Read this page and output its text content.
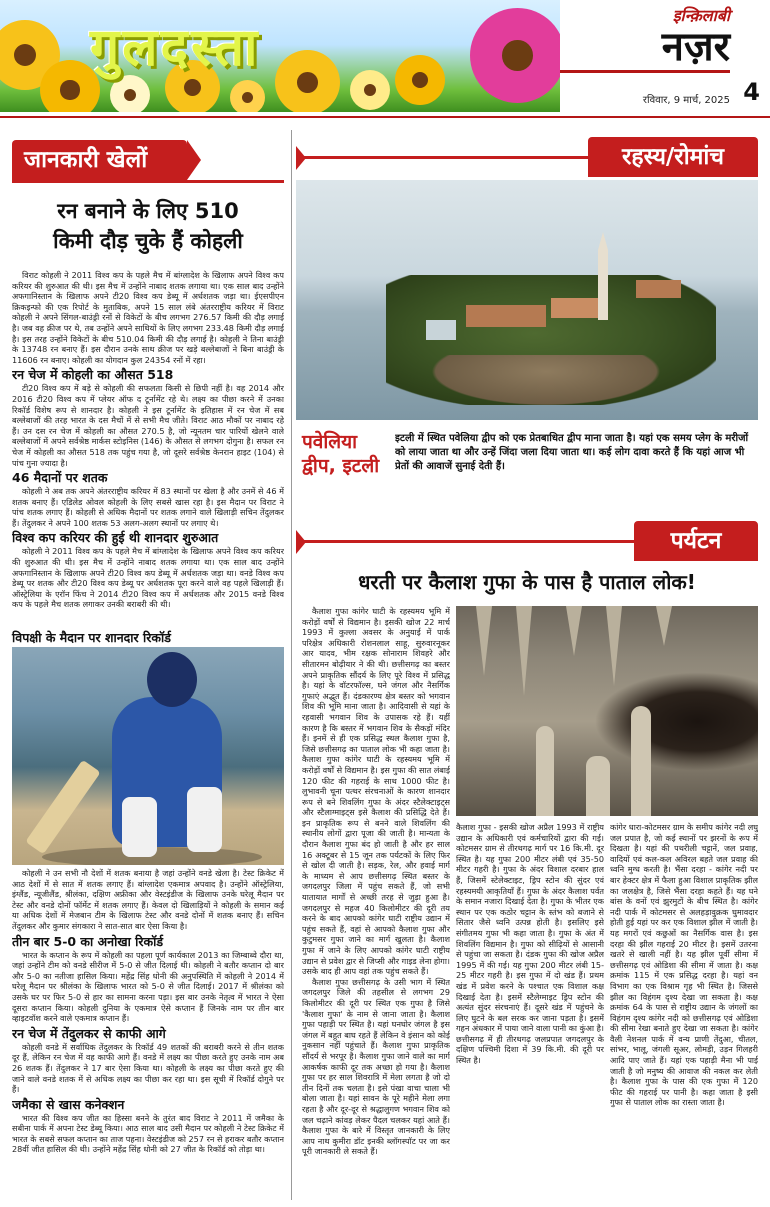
गुलदस्ता
इन्क़िलाबी
नज़र
रविवार, 9 मार्च, 2025 4
जानकारी खेलों की रन बनाने के लिए 510
किमी दौड़ चुके हैं कोहली

विराट कोहली ने 2011 विश्व कप के पहले मैच में बांग्लादेश के खिलाफ अपने विश्व कप करियर की शुरुआत की थी। इस मैच में उन्होंने नाबाद शतक लगाया था। एक साल बाद उन्होंने अफगानिस्तान के खिलाफ अपने टी20 विश्व कप डेब्यू में अर्धशतक जड़ा था। ईएसपीएन क्रिकइन्फो की एक रिपोर्ट के मुताबिक, अपने 15 साल लंबे अंतरराष्ट्रीय करियर में विराट कोहली ने अपने सिंगल-बाउंड्री रनों से विकेटों के बीच लगभग 276.57 किमी की दौड़ लगाई है। जब वह क्रीज पर थे, तब उन्होंने अपने साथियों के लिए लगभग 233.48 किमी दौड़ लगाई है। इस तरह उन्होंने विकेटों के बीच 510.04 किमी की दौड़ लगाई है। कोहली ने तिना बाउंड्री के 13748 रन बनाए हैं। इस दौरान उनके साथ क्रीज पर खड़े बल्लेबाजों ने बिना बाउंड्री के 11606 रन बनाए। कोहली का योगदान कुल 24354 रनों में रहा।

रन चेज में कोहली का औसत 518

टी20 विश्व कप में बड़े से कोहली की सफलता किसी से छिपी नहीं है। वह 2014 और 2016 टी20 विश्व कप में प्लेयर ऑफ द टूर्नामेंट रहे थे। लक्ष्य का पीछा करने में उनका रिकॉर्ड विशेष रूप से शानदार है। कोहली ने इस टूर्नामेंट के इतिहास में रन चेज में सब बल्लेबाजों की तरह भारत के दस मैचों में से सभी मैच जीते। विराट आठ मौकों पर नाबाद रहे हैं। उन दस रन चेज में कोहली का औसत 270.5 है, जो न्यूनतम चार पारियों खेलने वाले बल्लेबाजों में अपने सर्वश्रेष्ठ मार्कस स्टोइनिस (146) के औसत से लगभग दोगुना है। सफल रन चेज में कोहली का औसत 518 तक पहुंच गया है, जो दूसरे सर्वश्रेष्ठ केनरान हाइट (104) से पांच गुना ज्यादा है।

46 मैदानों पर शतक

कोहली ने अब तक अपने अंतरराष्ट्रीय करियर में 83 स्थानों पर खेला है और उनमें से 46 में शतक बनाए हैं। एडिलेड ओवल कोहली के लिए सबसे खास रहा है। इस मैदान पर विराट ने पांच शतक लगाए हैं। कोहली से अधिक मैदानों पर शतक लगाने वाले खिलाड़ी सचिन तेंदुलकर हैं। तेंदुलकर ने अपने 100 शतक 53 अलग-अलग स्थानों पर लगाए थे।

विश्व कप करियर की हुई थी शानदार शुरुआत

कोहली ने 2011 विश्व कप के पहले मैच में बांग्लादेश के खिलाफ अपने विश्व कप करियर की शुरुआत की थी। इस मैच में उन्होंने नाबाद शतक लगाया था। एक साल बाद उन्होंने अफगानिस्तान के खिलाफ अपने टी20 विश्व कप डेब्यू में अर्धशतक जड़ा था। वनडे विश्व कप डेब्यू पर शतक और टी20 विश्व कप डेब्यू पर अर्धशतक पूरा करने वाले वह पहले खिलाड़ी हैं। ऑस्ट्रेलिया के एरॉन फिंच ने 2014 टी20 विश्व कप में अर्धशतक और 2015 वनडे विश्व कप के पहले मैच शतक लगाकर उनकी बराबरी की थी।

विपक्षी के मैदान पर शानदार रिकॉर्ड

कोहली ने उन सभी नौ देशों में शतक बनाया है जहां उन्होंने वनडे खेला है। टेस्ट क्रिकेट में आठ देशों में से सात में शतक लगाए हैं। बांग्लादेश एकमात्र अपवाद है। उन्होंने ऑस्ट्रेलिया, इंग्लैंड, न्यूजीलैंड, श्रीलंका, दक्षिण अफ्रीका और वेस्टइंडीज के खिलाफ उनके घरेलू मैदान पर टेस्ट और वनडे दोनों फॉर्मेट में शतक लगाए हैं। केवल दो खिलाड़ियों ने कोहली के समान कई या अधिक देशों में मेजबान टीम के खिलाफ टेस्ट और वनडे दोनों में शतक बनाए हैं। सचिन तेंदुलकर और कुमार संगकारा ने सात-सात बार ऐसा किया है।

तीन बार 5-0 का अनोखा रिकॉर्ड

भारत के कप्तान के रूप में कोहली का पहला पूर्ण कार्यकाल 2013 का जिम्बाब्वे दौरा था, जहां उन्होंने टीम को वनडे सीरीज में 5-0 से जीत दिलाई थी। कोहली ने बतौर कप्तान दो बार और 5-0 का नतीजा हासिल किया। महेंद्र सिंह धोनी की अनुपस्थिति में कोहली ने 2014 में घरेलू मैदान पर श्रीलंका के खिलाफ भारत को 5-0 से जीत दिलाई। 2017 में श्रीलंका को उसके घर पर फिर 5-0 से हार का सामना करना पड़ा। इस बार उनके नेतृत्व में भारत ने ऐसा दूसरा कप्तान किया। कोहली दुनिया के एकमात्र ऐसे कप्तान हैं जिनके नाम पर तीन बार व्हाइटवॉश करने वाले एकमात्र कप्तान हैं।

रन चेज में तेंदुलकर से काफी आगे

कोहली वनडे में सर्वाधिक तेंदुलकर के रिकॉर्ड 49 शतकों की बराबरी करने से तीन शतक दूर हैं, लेकिन रन चेज में वह काफी आगे हैं। वनडे में लक्ष्य का पीछा करते हुए उनके नाम अब 26 शतक हैं। तेंदुलकर ने 17 बार ऐसा किया था। कोहली के लक्ष्य का पीछा करते हुए की जाने वाले वनडे शतक में से अधिक लक्ष्य का पीछा कर रहा था। इस सूची में रिकॉर्ड दोगुने पर हैं।

जमैका से खास कनेक्शन

भारत की विश्व कप जीत का हिस्सा बनने के तुरंत बाद विराट ने 2011 में जमैका के सबीना पार्क में अपना टेस्ट डेब्यू किया। आठ साल बाद उसी मैदान पर कोहली ने टेस्ट क्रिकेट में भारत के सबसे सफल कप्तान का ताज पहना। वेस्टइंडीज को 257 रन से हराकर बतौर कप्तान 28वीं जीत हासिल की थी। उन्होंने महेंद्र सिंह धोनी को 27 जीत के रिकॉर्ड को तोड़ा था।

रहस्य/रोमांच
पवेलिया
द्वीप, इटली
इटली में स्थित पवेलिया द्वीप को एक प्रेतबाधित द्वीप माना जाता है। यहां एक समय प्लेग के मरीजों को लाया जाता था और उन्हें जिंदा जला दिया जाता था। कई लोग दावा करते हैं कि यहां आज भी प्रेतों की आवाजें सुनाई देती हैं।
पर्यटन
धरती पर कैलाश गुफा के पास है पाताल लोक!

कैलाश गुफा कांगेर घाटी के रहस्यमय भूमि में करोड़ों वर्षों से विद्यमान है। इसकी खोज 22 मार्च 1993 में कुल्ला अवसर के अनुयाई में पार्क परिक्षेत्र अधिकारी रोशनलाल साहू, सुरुवारनूकर आर यादव, भीम रक्षक सोनाराम शिवहरे और सीतारमन बोढ़ीयार ने की थी। छत्तीसगढ़ का बस्तर अपने प्राकृतिक सौंदर्य के लिए पूरे विश्व में प्रसिद्ध है। यहां के वॉटरफॉल्स, घने जंगल और नैसर्गिक गुफाएं अद्भुत हैं। दंडकारण्य क्षेत्र बस्तर को भगवान शिव की भूमि माना जाता है। आदिवासी से यहां के रहवासी भगवान शिव के उपासक रहे हैं। यहीं कारण है कि बस्तर में भगवान शिव के सैकड़ों मंदिर हैं। इनमें से ही एक प्रसिद्ध स्थल कैलाश गुफा है, जिसे छत्तीसगढ़ का पाताल लोक भी कहा जाता है। कैलाश गुफा कांगेर घाटी के रहस्यमय भूमि में करोड़ों वर्षों से विद्यमान है। इस गुफा की सात लंबाई 120 फीट की गहराई के साथ 1000 फीट है। लुभावनी चूना पत्थर संरचनाओं के कारण शानदार रूप से बने शिवलिंग गुफा के अंदर स्टैलेक्टाइट्स और स्टैलाग्माइट्स इसे कैलाश की प्रसिद्धि देते हैं। इन प्राकृतिक रूप से बनने वाले शिवलिंग की स्थानीय लोगों द्वारा पूजा की जाती है। मान्यता के दौरान कैलाश गुफा बंद हो जाती है और हर साल 16 अक्टूबर से 15 जून तक पर्यटकों के लिए फिर से खोल दी जाती है। सड़क, रेल, और हवाई मार्ग के माध्यम से आप छत्तीसगढ़ स्थित बस्तर के जगदलपुर जिला में पहुंच सकते हैं, जो सभी यातायात मार्गों से अच्छी तरह से जुड़ा हुआ है। जगदलपुर से महज 40 किलोमीटर की दूरी तय करने के बाद आपको कांगेर घाटी राष्ट्रीय उद्यान में पहुंच सकते हैं, वहां से आपको कैलाश गुफा और कुटुमसर गुफा जाने का मार्ग खुलता है। कैलाश गुफा में जाने के लिए आपको कांगेर घाटी राष्ट्रीय उद्यान से प्रवेश द्वार से जिप्सी और गाइड लेना होगा। उसके बाद ही आप वहां तक पहुंच सकते हैं।

कैलाश गुफा छत्तीसगढ़ के उसी भाग में स्थित जगदलपुर जिले की तहसील से लगभग 29 किलोमीटर की दूरी पर स्थित एक गुफा है जिसे 'कैलाश गुफा' के नाम से जाना जाता है। कैलाश गुफा पहाड़ी पर स्थित है। यहां घनघोर जंगल है इस जंगल में बहुत बाघ रहते हैं लेकिन वे इंसान को कोई नुकसान नहीं पहुंचाते हैं। कैलाश गुफा प्राकृतिक सौंदर्य से भरपूर है। कैलाश गुफा जाने वाले का मार्ग आकर्षक काफी दूर तक अच्छा हो गया है। कैलाश गुफा पर हर साल शिवरात्रि में मेला लगता है जो दो तीन दिनों तक चलता है। इसे पंखा वाचा चाला भी बोला जाता है। यहां सावन के पूरे महीने मेला लगा रहता है और दूर-दूर से श्रद्धालुगण भगवान शिव को जल चढ़ाने कांवड़ लेकर पैदल चलकर यहां आते हैं। कैलाश गुफा के बारे में विस्तृत जानकारी के लिए आप नाथ कुमीरा डॉट इनकी ब्लॉगस्पॉट पर जा कर पूरी जानकारी ले सकते हैं।

कैलाश गुफा - इसकी खोज अप्रैल 1993 में राष्ट्रीय उद्यान के अधिकारी एवं कर्मचारियों द्वारा की गई। कोटमसर ग्राम से तीरथगढ़ मार्ग पर 16 कि.मी. दूर स्थित है। यह गुफा 200 मीटर लंबी एवं 35-50 मीटर गहरी है। गुफा के अंदर विशाल दरबार हाल हैं, जिसमें स्टेलेक्टाइट, ड्रिप स्टोन की सुंदर एवं रहस्यमयी आकृतियाँ हैं। गुफा के अंदर कैलाश पर्वत के समान नजारा दिखाई देता है। गुफा के भीतर एक स्थान पर एक कठोर चट्टान के स्तंभ को बजाने से सितार जैसे ध्वनि उत्पन्न होती है। इसलिए इसे संगीतमय गुफा भी कहा जाता है। गुफा के अंत में शिवलिंग विद्यमान है। गुफा को सीढ़ियों से आसानी से पहुंचा जा सकता है। दंडक गुफा की खोज अप्रैल 1995 में की गई। यह गुफा 200 मीटर लंबी 15-25 मीटर गहरी है। इस गुफा में दो खंड हैं। प्रथम खंड में प्रवेश करने के पश्चात एक विशाल कक्ष दिखाई देता है। इसमें स्टैलेग्माइट ड्रिप स्टोन की अत्यंत सुंदर संरचनाएं हैं। दूसरे खंड में पहुंचने के लिए घुटने के बल सरक कर जाना पड़ता है। इसमें गहन अंधकार में पाया जाने वाला पानी का कुंआ है। छत्तीसगढ़ में ही तीरथगढ़ जलप्रपात जगदलपुर के दक्षिण पश्चिमी दिशा में 39 कि.मी. की दूरी पर स्थित है।
कांगेर धारा-कोटमसर ग्राम के समीप कांगेर नदी लघु जल प्रपात है, जो कई स्थानों पर झरनों के रूप में दिखता है। यहां की पथरीली चट्टानें, जल प्रवाह, वादियों एवं कल-कल अविरल बहते जल प्रवाह की ध्वनि मुग्ध करती है। भैंसा दरहा - कांगेर नदी पर बार हेक्टर क्षेत्र में फैला हुआ विशाल प्राकृतिक झील का जलक्षेत्र है, जिसे भैंसा दरहा कहते हैं। यह घने बांस के वनों एवं झुरमुटों के बीच स्थित है। कांगेर नदी पार्क में कोटमसर से अलहड़ावुक्रक घुमावदार होती हुई यहां पर कर एक विशाल झील में जाती है। यह मगरों एवं कछुओं का नैसर्गिक वास है। इस दरहा की झील गहराई 20 मीटर है। इसमें उतरना खतरे से खाली नहीं है। यह झील पूर्वी सीमा में छत्तीसगढ़ एवं ओडिशा की सीमा में जाता है। कक्ष क्रमांक 115 में एक प्रसिद्ध दरहा है। यहां वन विभाग का एक विश्राम गृह भी स्थित है। जिससे झील का विहंगम दृश्य देखा जा सकता है। कक्ष क्रमांक 64 के पास से राष्ट्रीय उद्यान के जंगलों का विहंगम दृश्य कांगेर नदी को छत्तीसगढ़ एवं ओडिशा की सीमा रेखा बनाते हुए देखा जा सकता है। कांगेर वैली नेशनल पार्क में वन्य प्राणी तेंदुआ, चीतल, सांभर, भालू, जंगली सूअर, लोमड़ी, उड़न गिलहरी आदि पाए जाते हैं। यहां एक पहाड़ी मैना भी पाई जाती है जो मनुष्य की आवाज की नकल कर लेती है। कैलाश गुफा के पास की एक गुफा में 120 फीट की गहराई पर पानी है। कहा जाता है इसी गुफा से पाताल लोक का रास्ता जाता है।
